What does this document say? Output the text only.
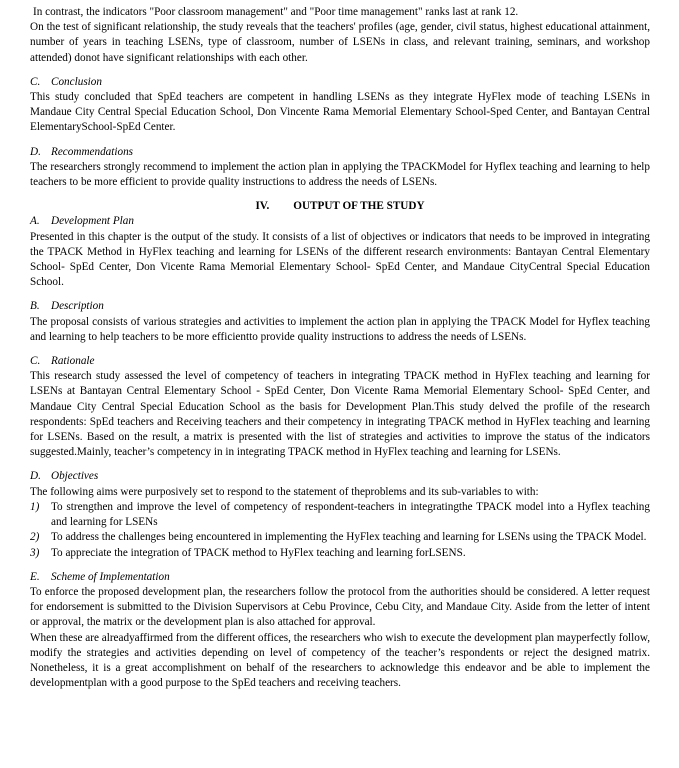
In contrast, the indicators "Poor classroom management" and "Poor time management" ranks last at rank 12.

On the test of significant relationship, the study reveals that the teachers' profiles (age, gender, civil status, highest educational attainment, number of years in teaching LSENs, type of classroom, number of LSENs in class, and relevant training, seminars, and workshop attended) donot have significant relationships with each other.

C. Conclusion

This study concluded that SpEd teachers are competent in handling LSENs as they integrate HyFlex mode of teaching LSENs in Mandaue City Central Special Education School, Don Vincente Rama Memorial Elementary School-Sped Center, and Bantayan Central ElementarySchool-SpEd Center.

D. Recommendations

The researchers strongly recommend to implement the action plan in applying the TPACKModel for Hyflex teaching and learning to help teachers to be more efficient to provide quality instructions to address the needs of LSENs.

IV. OUTPUT OF THE STUDY

A. Development Plan

Presented in this chapter is the output of the study. It consists of a list of objectives or indicators that needs to be improved in integrating the TPACK Method in HyFlex teaching and learning for LSENs of the different research environments: Bantayan Central Elementary School- SpEd Center, Don Vicente Rama Memorial Elementary School- SpEd Center, and Mandaue CityCentral Special Education School.

B. Description

The proposal consists of various strategies and activities to implement the action plan in applying the TPACK Model for Hyflex teaching and learning to help teachers to be more efficientto provide quality instructions to address the needs of LSENs.

C. Rationale

This research study assessed the level of competency of teachers in integrating TPACK method in HyFlex teaching and learning for LSENs at Bantayan Central Elementary School - SpEd Center, Don Vicente Rama Memorial Elementary School- SpEd Center, and Mandaue City Central Special Education School as the basis for Development Plan.This study delved the profile of the research respondents: SpEd teachers and Receiving teachers and their competency in integrating TPACK method in HyFlex teaching and learning for LSENs. Based on the result, a matrix is presented with the list of strategies and activities to improve the status of the indicators suggested.Mainly, teacher’s competency in in integrating TPACK method in HyFlex teaching and learning for LSENs.

D. Objectives

The following aims were purposively set to respond to the statement of theproblems and its sub-variables to with:

1) To strengthen and improve the level of competency of respondent-teachers in integratingthe TPACK model into a Hyflex teaching and learning for LSENs
2) To address the challenges being encountered in implementing the HyFlex teaching and learning for LSENs using the TPACK Model.
3) To appreciate the integration of TPACK method to HyFlex teaching and learning forLSENS.

E. Scheme of Implementation

To enforce the proposed development plan, the researchers follow the protocol from the authorities should be considered. A letter request for endorsement is submitted to the Division Supervisors at Cebu Province, Cebu City, and Mandaue City. Aside from the letter of intent or approval, the matrix or the development plan is also attached for approval.

When these are alreadyaffirmed from the different offices, the researchers who wish to execute the development plan mayperfectly follow, modify the strategies and activities depending on level of competency of the teacher’s respondents or reject the designed matrix. Nonetheless, it is a great accomplishment on behalf of the researchers to acknowledge this endeavor and be able to implement the developmentplan with a good purpose to the SpEd teachers and receiving teachers.
